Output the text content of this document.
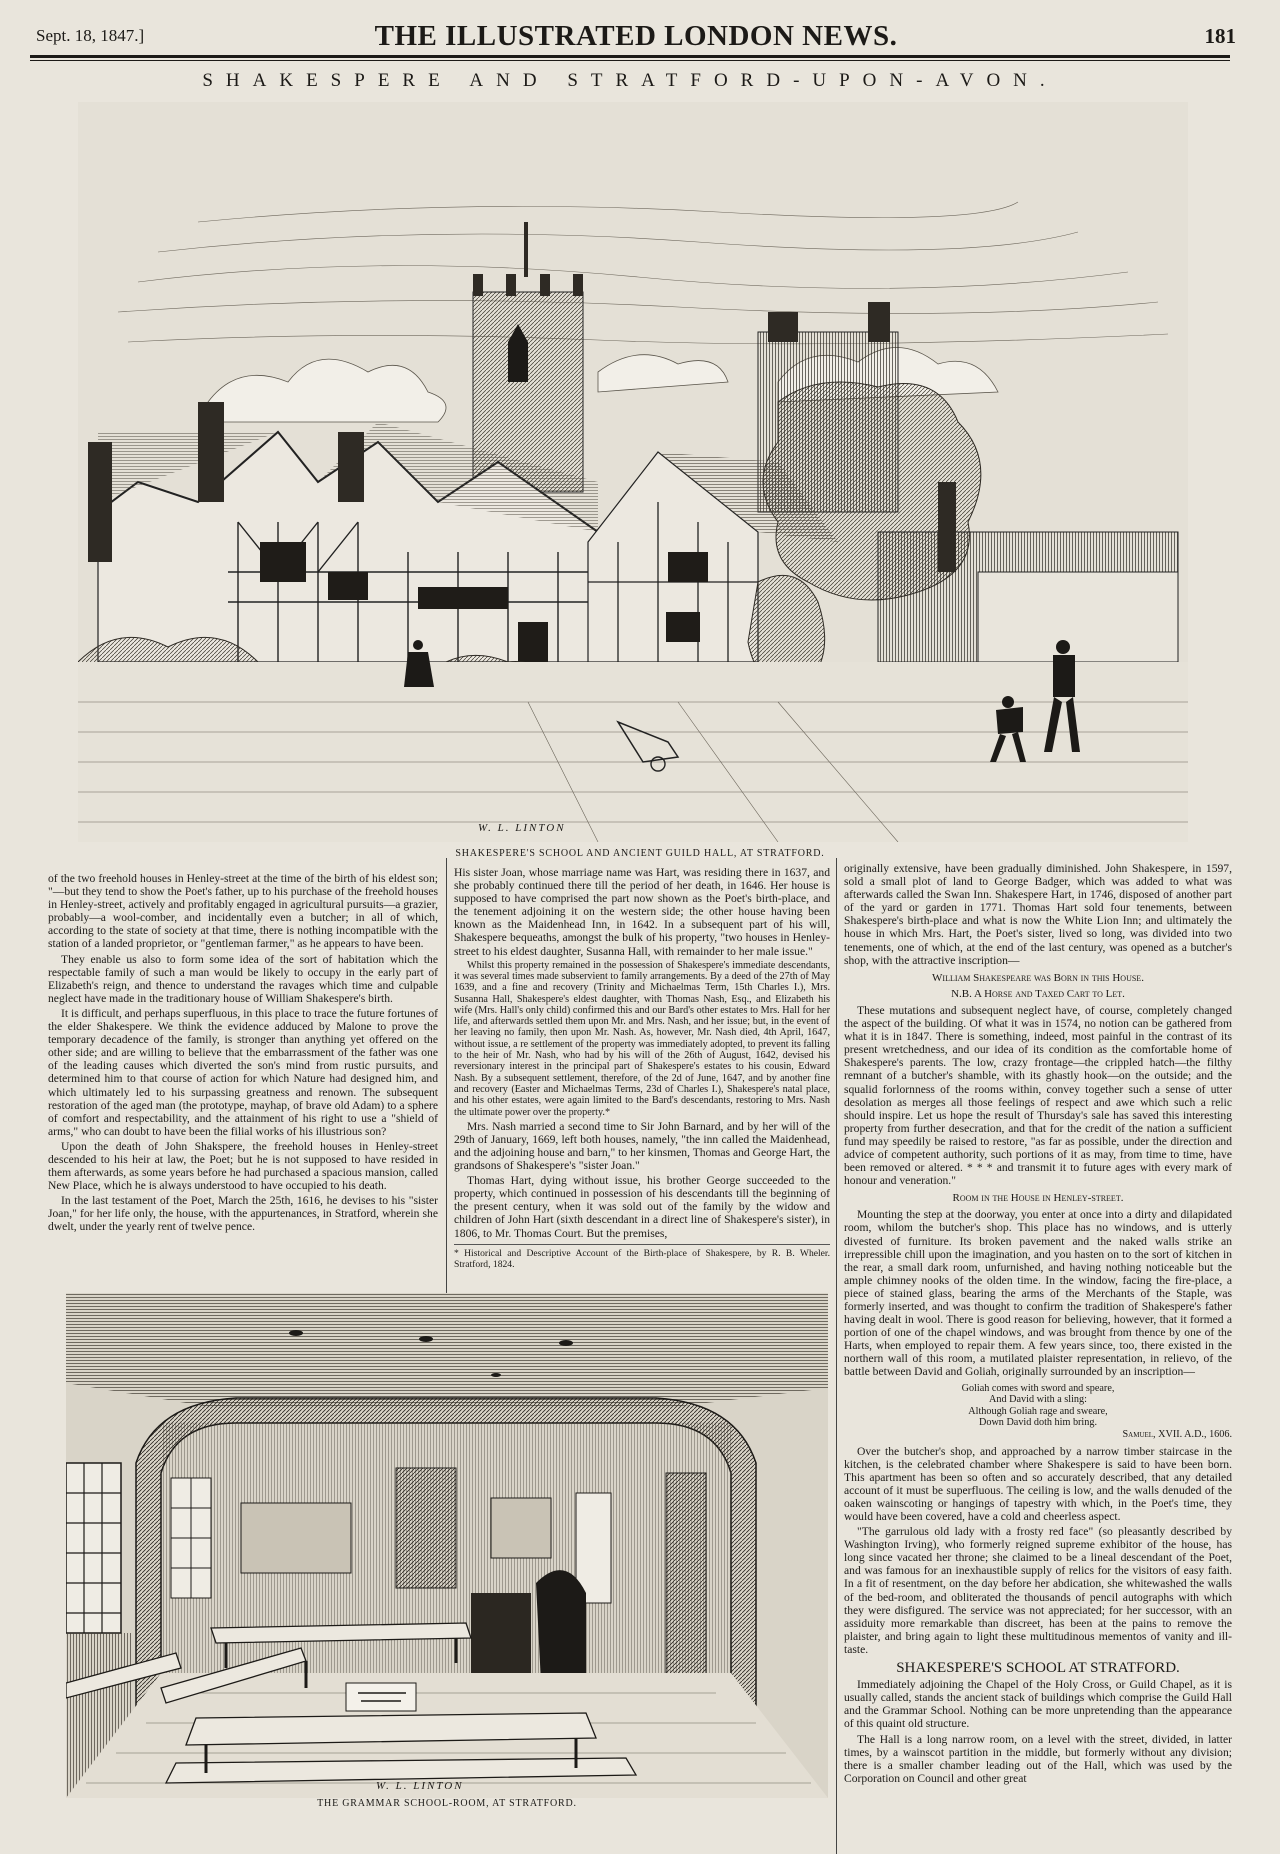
Sept. 18, 1847.]	THE ILLUSTRATED LONDON NEWS.	181
SHAKESPERE AND STRATFORD-UPON-AVON.
W. L. LINTON
SHAKESPERE'S SCHOOL AND ANCIENT GUILD HALL, AT STRATFORD.

of the two freehold houses in Henley-street at the time of the birth of his eldest son; "—but they tend to show the Poet's father, up to his purchase of the freehold houses in Henley-street, actively and profitably engaged in agricultural pursuits—a grazier, probably—a wool-comber, and incidentally even a butcher; in all of which, according to the state of society at that time, there is nothing incompatible with the station of a landed proprietor, or "gentleman farmer," as he appears to have been.

They enable us also to form some idea of the sort of habitation which the respectable family of such a man would be likely to occupy in the early part of Elizabeth's reign, and thence to understand the ravages which time and culpable neglect have made in the traditionary house of William Shakespere's birth.

It is difficult, and perhaps superfluous, in this place to trace the future fortunes of the elder Shakespere. We think the evidence adduced by Malone to prove the temporary decadence of the family, is stronger than anything yet offered on the other side; and are willing to believe that the embarrassment of the father was one of the leading causes which diverted the son's mind from rustic pursuits, and determined him to that course of action for which Nature had designed him, and which ultimately led to his surpassing greatness and renown. The subsequent restoration of the aged man (the prototype, mayhap, of brave old Adam) to a sphere of comfort and respectability, and the attainment of his right to use a "shield of arms," who can doubt to have been the filial works of his illustrious son?

Upon the death of John Shakspere, the freehold houses in Henley-street descended to his heir at law, the Poet; but he is not supposed to have resided in them afterwards, as some years before he had purchased a spacious mansion, called New Place, which he is always understood to have occupied to his death.

In the last testament of the Poet, March the 25th, 1616, he devises to his "sister Joan," for her life only, the house, with the appurtenances, in Stratford, wherein she dwelt, under the yearly rent of twelve pence.

His sister Joan, whose marriage name was Hart, was residing there in 1637, and she probably continued there till the period of her death, in 1646. Her house is supposed to have comprised the part now shown as the Poet's birth-place, and the tenement adjoining it on the western side; the other house having been known as the Maidenhead Inn, in 1642. In a subsequent part of his will, Shakespere bequeaths, amongst the bulk of his property, "two houses in Henley-street to his eldest daughter, Susanna Hall, with remainder to her male issue."

Whilst this property remained in the possession of Shakespere's immediate descendants, it was several times made subservient to family arrangements. By a deed of the 27th of May 1639, and a fine and recovery (Trinity and Michaelmas Term, 15th Charles I.), Mrs. Susanna Hall, Shakespere's eldest daughter, with Thomas Nash, Esq., and Elizabeth his wife (Mrs. Hall's only child) confirmed this and our Bard's other estates to Mrs. Hall for her life, and afterwards settled them upon Mr. and Mrs. Nash, and her issue; but, in the event of her leaving no family, then upon Mr. Nash. As, however, Mr. Nash died, 4th April, 1647, without issue, a re settlement of the property was immediately adopted, to prevent its falling to the heir of Mr. Nash, who had by his will of the 26th of August, 1642, devised his reversionary interest in the principal part of Shakespere's estates to his cousin, Edward Nash. By a subsequent settlement, therefore, of the 2d of June, 1647, and by another fine and recovery (Easter and Michaelmas Terms, 23d of Charles I.), Shakespere's natal place, and his other estates, were again limited to the Bard's descendants, restoring to Mrs. Nash the ultimate power over the property.*

Mrs. Nash married a second time to Sir John Barnard, and by her will of the 29th of January, 1669, left both houses, namely, "the inn called the Maidenhead, and the adjoining house and barn," to her kinsmen, Thomas and George Hart, the grandsons of Shakespere's "sister Joan."

Thomas Hart, dying without issue, his brother George succeeded to the property, which continued in possession of his descendants till the beginning of the present century, when it was sold out of the family by the widow and children of John Hart (sixth descendant in a direct line of Shakespere's sister), in 1806, to Mr. Thomas Court. But the premises,

* Historical and Descriptive Account of the Birth-place of Shakespere, by R. B. Wheler. Stratford, 1824.

W. L. LINTON
THE GRAMMAR SCHOOL-ROOM, AT STRATFORD.

originally extensive, have been gradually diminished. John Shakespere, in 1597, sold a small plot of land to George Badger, which was added to what was afterwards called the Swan Inn. Shakespere Hart, in 1746, disposed of another part of the yard or garden in 1771. Thomas Hart sold four tenements, between Shakespere's birth-place and what is now the White Lion Inn; and ultimately the house in which Mrs. Hart, the Poet's sister, lived so long, was divided into two tenements, one of which, at the end of the last century, was opened as a butcher's shop, with the attractive inscription—

William Shakespeare was Born in this House.

N.B. A Horse and Taxed Cart to Let.

These mutations and subsequent neglect have, of course, completely changed the aspect of the building. Of what it was in 1574, no notion can be gathered from what it is in 1847. There is something, indeed, most painful in the contrast of its present wretchedness, and our idea of its condition as the comfortable home of Shakespere's parents. The low, crazy frontage—the crippled hatch—the filthy remnant of a butcher's shamble, with its ghastly hook—on the outside; and the squalid forlornness of the rooms within, convey together such a sense of utter desolation as merges all those feelings of respect and awe which such a relic should inspire. Let us hope the result of Thursday's sale has saved this interesting property from further desecration, and that for the credit of the nation a sufficient fund may speedily be raised to restore, "as far as possible, under the direction and advice of competent authority, such portions of it as may, from time to time, have been removed or altered. * * * and transmit it to future ages with every mark of honour and veneration."

Room in the House in Henley-street.

Mounting the step at the doorway, you enter at once into a dirty and dilapidated room, whilom the butcher's shop. This place has no windows, and is utterly divested of furniture. Its broken pavement and the naked walls strike an irrepressible chill upon the imagination, and you hasten on to the sort of kitchen in the rear, a small dark room, unfurnished, and having nothing noticeable but the ample chimney nooks of the olden time. In the window, facing the fire-place, a piece of stained glass, bearing the arms of the Merchants of the Staple, was formerly inserted, and was thought to confirm the tradition of Shakespere's father having dealt in wool. There is good reason for believing, however, that it formed a portion of one of the chapel windows, and was brought from thence by one of the Harts, when employed to repair them. A few years since, too, there existed in the northern wall of this room, a mutilated plaister representation, in relievo, of the battle between David and Goliah, originally surrounded by an inscription—

Goliah comes with sword and speare,
And David with a sling:
Although Goliah rage and sweare,
Down David doth him bring.
Samuel, XVII. A.D., 1606.

Over the butcher's shop, and approached by a narrow timber staircase in the kitchen, is the celebrated chamber where Shakespere is said to have been born. This apartment has been so often and so accurately described, that any detailed account of it must be superfluous. The ceiling is low, and the walls denuded of the oaken wainscoting or hangings of tapestry with which, in the Poet's time, they would have been covered, have a cold and cheerless aspect.

"The garrulous old lady with a frosty red face" (so pleasantly described by Washington Irving), who formerly reigned supreme exhibitor of the house, has long since vacated her throne; she claimed to be a lineal descendant of the Poet, and was famous for an inexhaustible supply of relics for the visitors of easy faith. In a fit of resentment, on the day before her abdication, she whitewashed the walls of the bed-room, and obliterated the thousands of pencil autographs with which they were disfigured. The service was not appreciated; for her successor, with an assiduity more remarkable than discreet, has been at the pains to remove the plaister, and bring again to light these multitudinous mementos of vanity and ill-taste.

SHAKESPERE'S SCHOOL AT STRATFORD.

Immediately adjoining the Chapel of the Holy Cross, or Guild Chapel, as it is usually called, stands the ancient stack of buildings which comprise the Guild Hall and the Grammar School. Nothing can be more unpretending than the appearance of this quaint old structure.

The Hall is a long narrow room, on a level with the street, divided, in latter times, by a wainscot partition in the middle, but formerly without any division; there is a smaller chamber leading out of the Hall, which was used by the Corporation on Council and other great
